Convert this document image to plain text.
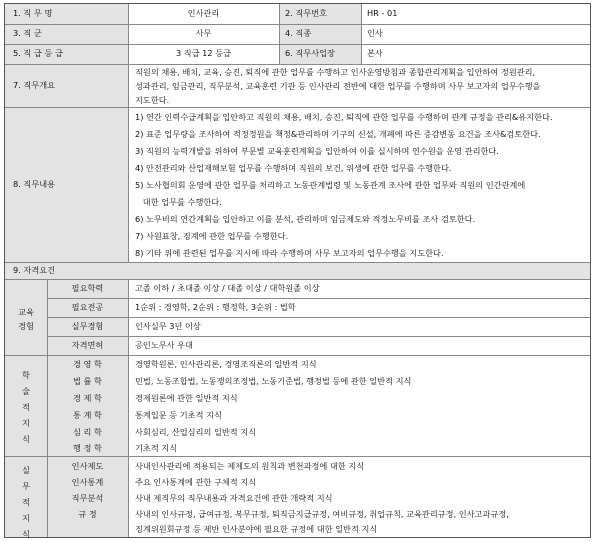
1. 직 무 명	인사관리	2. 직무번호	HR - 01
3. 직 군	사무	4. 직종	인사
5. 직 급 등 급	3 직급 12 등급	6. 직무사업장	본사
7. 직무개요
직원의 채용, 배치, 교육, 승진, 퇴직에 관한 업무를 수행하고 인사운영방침과 종합관리계획을 입안하여 정원관리,
성과관리, 임금관리, 직무분석, 교육훈련 기관 등 인사관리 전반에 대한 업무를 수행하며 사무 보고자의 업무수행을
지도한다.
8. 직무내용
1) 연간 인력수급계획을 입안하고 직원의 채용, 배치, 승진, 퇴직에 관한 업무를 수행하며 관계 규정을 관리&유지한다.
2) 표준 업무량을 조사하여 적정정원을 책정&관리하며 기구의 신설, 개폐에 따른 증감변동 요건을 조사&검토한다.
3) 직원의 능력개발을 위하여 부문별 교육훈련계획을 입안하여 이를 실시하며 연수원을 운영 관리한다.
4) 안전관리와 산업재해보험 업무를 수행하며 직원의 보건, 위생에 관한 업무를 수행한다.
5) 노사협의회 운영에 관한 업무를 처리하고 노동관계법령 및 노동관계 조사에 관한 업무와 직원의 인간관계에
대한 업무를 수행한다.
6) 노무비의 연간계획을 입안하고 이를 분석, 관리하며 임금제도와 적정노무비를 조사 검토한다.
7) 사원표창, 징계에 관한 업무를 수행한다.
8) 기타 위에 관련된 업무를 지시에 따라 수행하며 사무 보고자의 업무수행을 지도한다.
9. 자격요건
교육 경험
필요학력	고졸 이하 / 초대졸 이상 / 대졸 이상 / 대학원졸 이상
필요전공	1순위 : 경영학, 2순위 : 행정학, 3순위 : 법학
실무경험	인사실무 3년 이상
자격면허	공인노무사 우대
학 술 적 지 식
경 영 학	경영학원론, 인사관리론, 경영조직론의 일반적 지식
법 률 학	민법, 노동조합법, 노동쟁의조정법, 노동기준법, 행정법 등에 관한 일반적 지식
경 제 학	경제원론에 관한 일반적 지식
통 계 학	통계입문 등 기초적 지식
심 리 학	사회심리, 산업심리의 일반적 지식
행 정 학	기초적 지식
실 무 적 지 식
인사제도	사내인사관리에 적용되는 제제도의 원칙과 변천과정에 대한 지식
인사통계	주요 인사통계에 관한 구체적 지식
직무분석	사내 제직무의 직무내용과 자격요건에 관한 개략적 지식
규 정	사내의 인사규정, 급여규정, 복무규정, 퇴직금지급규정, 여비규정, 취업규칙, 교육관리규정, 인사고과규정,
징계위원회규정 등 제반 인사분야에 필요한 규정에 대한 일반적 지식
